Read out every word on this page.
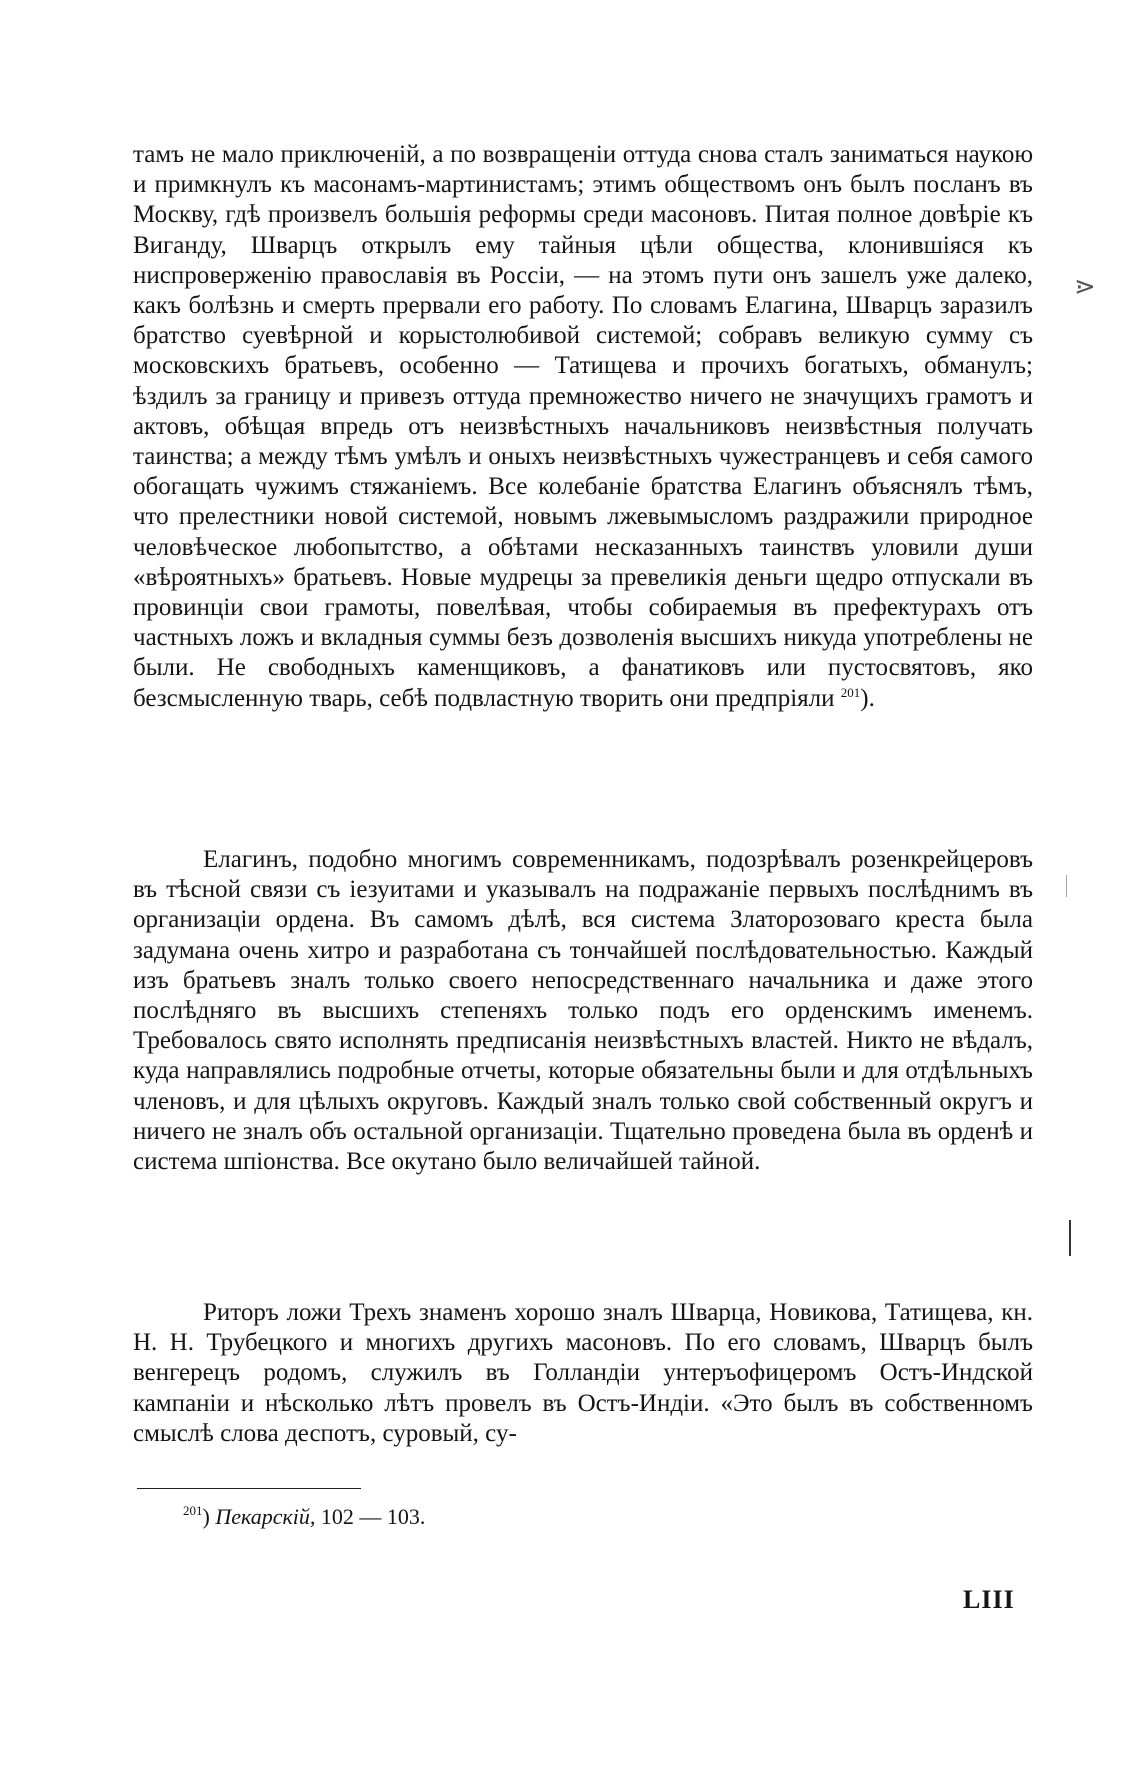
тамъ не мало приключеній, а по возвращеніи оттуда снова сталъ заниматься наукою и примкнулъ къ масонамъ-мартинистамъ; этимъ обществомъ онъ былъ посланъ въ Москву, гдѣ произвелъ большія реформы среди масоновъ. Питая полное довѣріе къ Виганду, Шварцъ открылъ ему тайныя цѣли общества, клонившіяся къ ниспроверженію православія въ Россіи, — на этомъ пути онъ зашелъ уже далеко, какъ болѣзнь и смерть прервали его работу. По словамъ Елагина, Шварцъ заразилъ братство суевѣрной и корыстолюбивой системой; собравъ великую сумму съ московскихъ братьевъ, особенно — Татищева и прочихъ богатыхъ, обманулъ; ѣздилъ за границу и привезъ оттуда премножество ничего не значущихъ грамотъ и актовъ, обѣщая впредь отъ неизвѣстныхъ начальниковъ неизвѣстныя получать таинства; а между тѣмъ умѣлъ и оныхъ неизвѣстныхъ чужестранцевъ и себя самого обогащать чужимъ стяжаніемъ. Все колебаніе братства Елагинъ объяснялъ тѣмъ, что прелестники новой системой, новымъ лжевымысломъ раздражили природное человѣческое любопытство, а обѣтами несказанныхъ таинствъ уловили души «вѣроятныхъ» братьевъ. Новые мудрецы за превеликія деньги щедро отпускали въ провинціи свои грамоты, повелѣвая, чтобы собираемыя въ префектурахъ отъ частныхъ ложъ и вкладныя суммы безъ дозволенія высшихъ никуда употреблены не были. Не свободныхъ каменщиковъ, а фанатиковъ или пустосвятовъ, яко безсмысленную тварь, себѣ подвластную творить они предпріяли $^{201}$).
Елагинъ, подобно многимъ современникамъ, подозрѣвалъ розенкрейцеровъ въ тѣсной связи съ іезуитами и указывалъ на подражаніе первыхъ послѣднимъ въ организаціи ордена. Въ самомъ дѣлѣ, вся система Златорозоваго креста была задумана очень хитро и разработана съ тончайшей послѣдовательностью. Каждый изъ братьевъ зналъ только своего непосредственнаго начальника и даже этого послѣдняго въ высшихъ степеняхъ только подъ его орденскимъ именемъ. Требовалось свято исполнять предписанія неизвѣстныхъ властей. Никто не вѣдалъ, куда направлялись подробные отчеты, которые обязательны были и для отдѣльныхъ членовъ, и для цѣлыхъ округовъ. Каждый зналъ только свой собственный округъ и ничего не зналъ объ остальной организаціи. Тщательно проведена была въ орденѣ и система шпіонства. Все окутано было величайшей тайной.
Риторъ ложи Трехъ знаменъ хорошо зналъ Шварца, Новикова, Татищева, кн. Н. Н. Трубецкого и многихъ другихъ масоновъ. По его словамъ, Шварцъ былъ венгерецъ родомъ, служилъ въ Голландіи унтеръофицеромъ Остъ-Индской кампаніи и нѣсколько лѣтъ провелъ въ Остъ-Индіи. «Это былъ въ собственномъ смыслѣ слова деспотъ, суровый, су-
$^{201}$) Пекарскій, 102 — 103.
LIII
⋗
